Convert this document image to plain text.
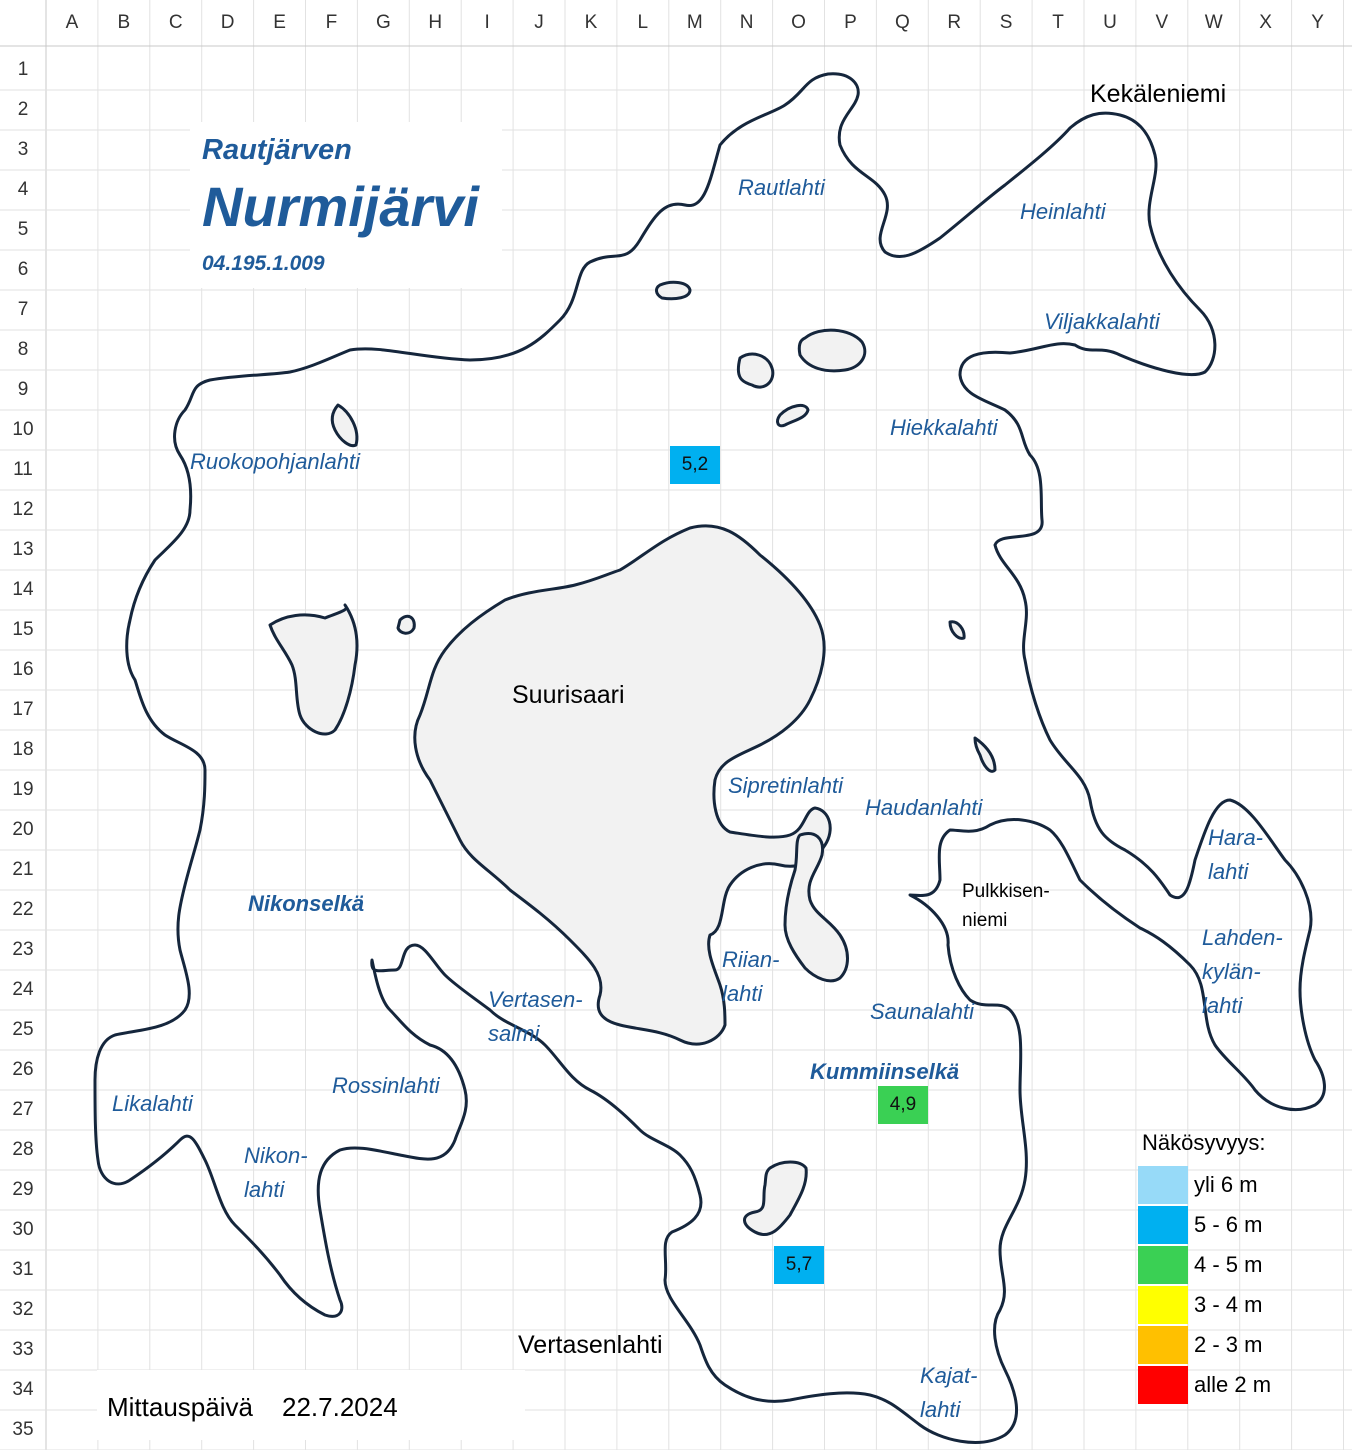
A	B	C	D	E	F	G	H	I	J	K	L	M	N	O	P	Q	R	S	T	U	V	W	X	Y
1
2
3
4
5
6
7
8
9
10
11
12
13
14
15
16
17
18
19
20
21
22
23
24
25
26
27
28
29
30
31
32
33
34
35
Rautjärven
Nurmijärvi
04.195.1.009
Rautlahti
Heinlahti
Viljakkalahti
Hiekkalahti
Ruokopohjanlahti
Sipretinlahti
Haudanlahti
Hara-
lahti
Nikonselkä
Riian-
lahti
Vertasen-
salmi
Lahden-
kylän-
lahti
Saunalahti
Kummiinselkä
Rossinlahti
Likalahti
Nikon-
lahti
Kajat-
lahti
Kekäleniemi
Suurisaari
Vertasenlahti
Pulkkisen-
niemi
5,2
4,9
5,7
Näkösyvyys:
yli 6 m
5 - 6 m
4 - 5 m
3 - 4 m
2 - 3 m
alle 2 m
Mittauspäivä 22.7.2024
